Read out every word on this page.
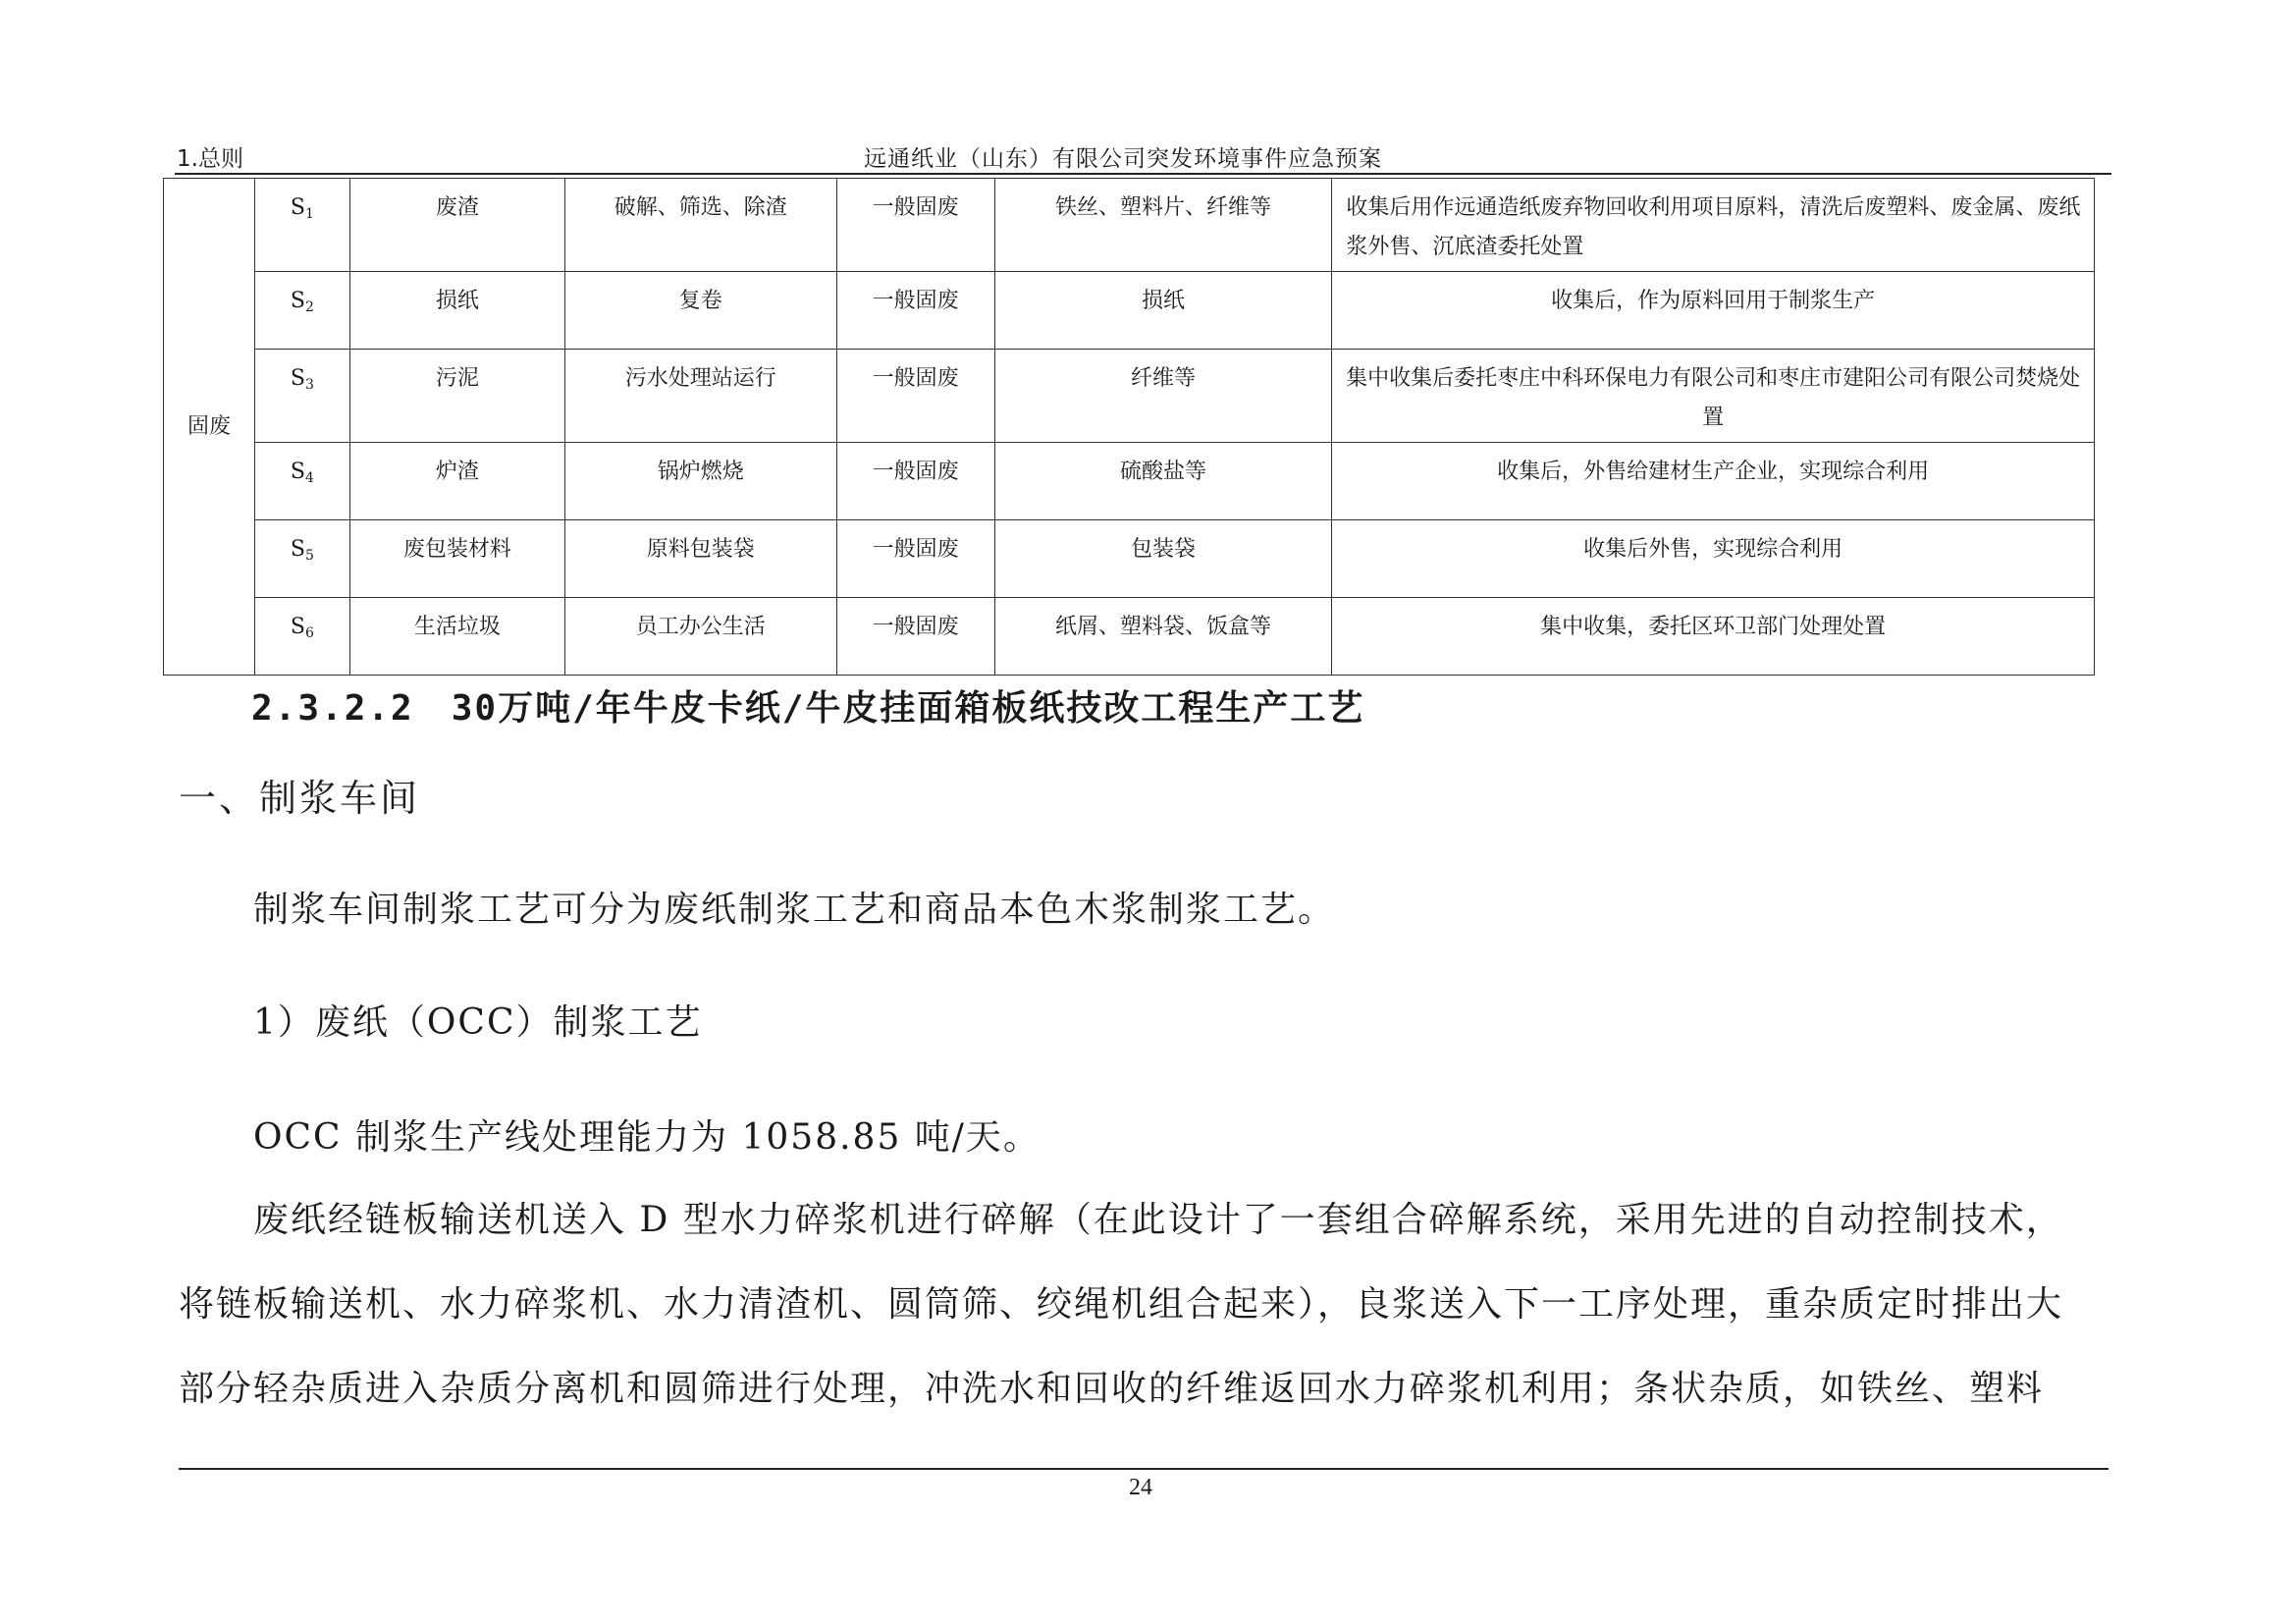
1.总则	远通纸业（山东）有限公司突发环境事件应急预案
固废	$S_1$	废渣	破解、筛选、除渣	一般固废	铁丝、塑料片、纤维等	收集后用作远通造纸废弃物回收利用项目原料，清洗后废塑料、废金属、废纸浆外售、沉底渣委托处置
	$S_2$	损纸	复卷	一般固废	损纸	收集后，作为原料回用于制浆生产
	$S_3$	污泥	污水处理站运行	一般固废	纤维等	集中收集后委托枣庄中科环保电力有限公司和枣庄市建阳公司有限公司焚烧处置
	$S_4$	炉渣	锅炉燃烧	一般固废	硫酸盐等	收集后，外售给建材生产企业，实现综合利用
	$S_5$	废包装材料	原料包装袋	一般固废	包装袋	收集后外售，实现综合利用
	$S_6$	生活垃圾	员工办公生活	一般固废	纸屑、塑料袋、饭盒等	集中收集，委托区环卫部门处理处置
2.3.2.2　30万吨/年牛皮卡纸/牛皮挂面箱板纸技改工程生产工艺
一、制浆车间
制浆车间制浆工艺可分为废纸制浆工艺和商品本色木浆制浆工艺。
1）废纸（OCC）制浆工艺
OCC 制浆生产线处理能力为 1058.85 吨/天。
废纸经链板输送机送入 D 型水力碎浆机进行碎解（在此设计了一套组合碎解系统，采用先进的自动控制技术，
将链板输送机、水力碎浆机、水力清渣机、圆筒筛、绞绳机组合起来），良浆送入下一工序处理，重杂质定时排出大
部分轻杂质进入杂质分离机和圆筛进行处理，冲洗水和回收的纤维返回水力碎浆机利用；条状杂质，如铁丝、塑料
24
